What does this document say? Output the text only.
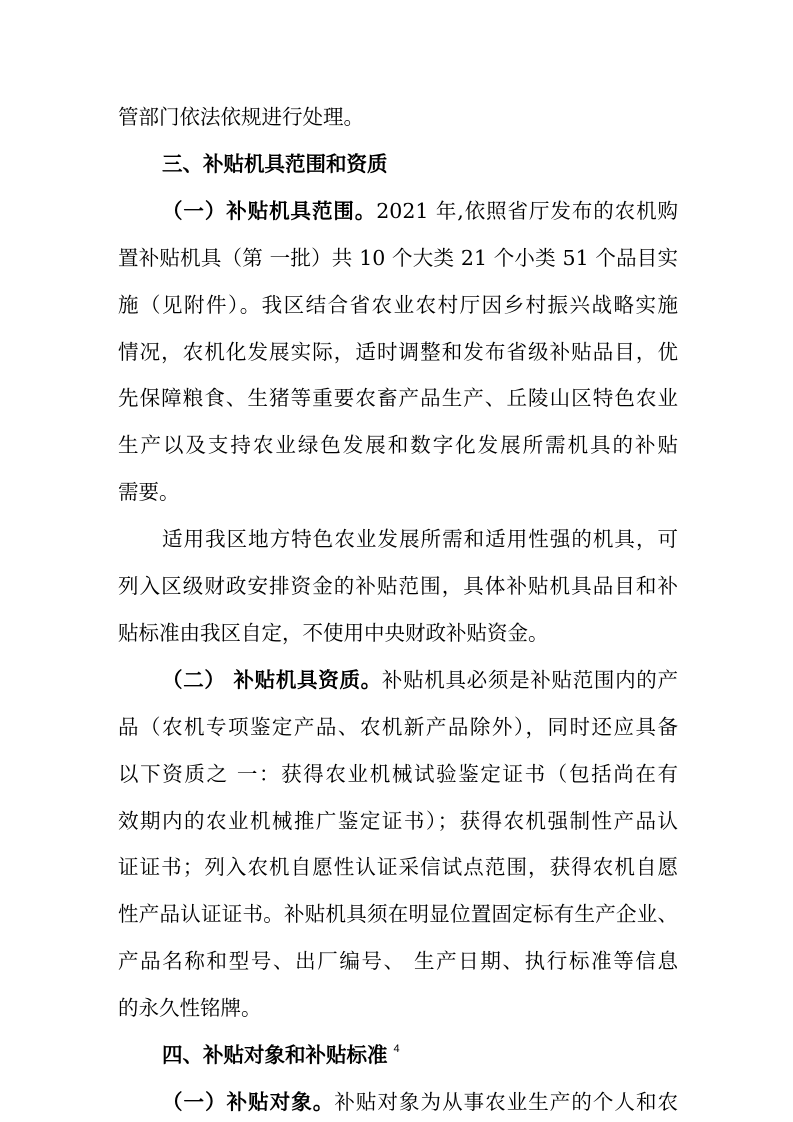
管部门依法依规进行处理。
三、补贴机具范围和资质
（一）补贴机具范围。2021 年,依照省厅发布的农机购
置补贴机具（第 一批）共 10 个大类 21 个小类 51 个品目实
施（见附件）。我区结合省农业农村厅因乡村振兴战略实施
情况，农机化发展实际，适时调整和发布省级补贴品目，优
先保障粮食、生猪等重要农畜产品生产、丘陵山区特色农业
生产以及支持农业绿色发展和数字化发展所需机具的补贴
需要。
适用我区地方特色农业发展所需和适用性强的机具，可
列入区级财政安排资金的补贴范围，具体补贴机具品目和补
贴标准由我区自定，不使用中央财政补贴资金。
（二） 补贴机具资质。补贴机具必须是补贴范围内的产
品（农机专项鉴定产品、农机新产品除外），同时还应具备
以下资质之 一：获得农业机械试验鉴定证书（包括尚在有
效期内的农业机械推广鉴定证书）；获得农机强制性产品认
证证书；列入农机自愿性认证采信试点范围，获得农机自愿
性产品认证证书。补贴机具须在明显位置固定标有生产企业、
产品名称和型号、出厂编号、 生产日期、执行标准等信息
的永久性铭牌。
四、补贴对象和补贴标准
（一）补贴对象。补贴对象为从事农业生产的个人和农
4
